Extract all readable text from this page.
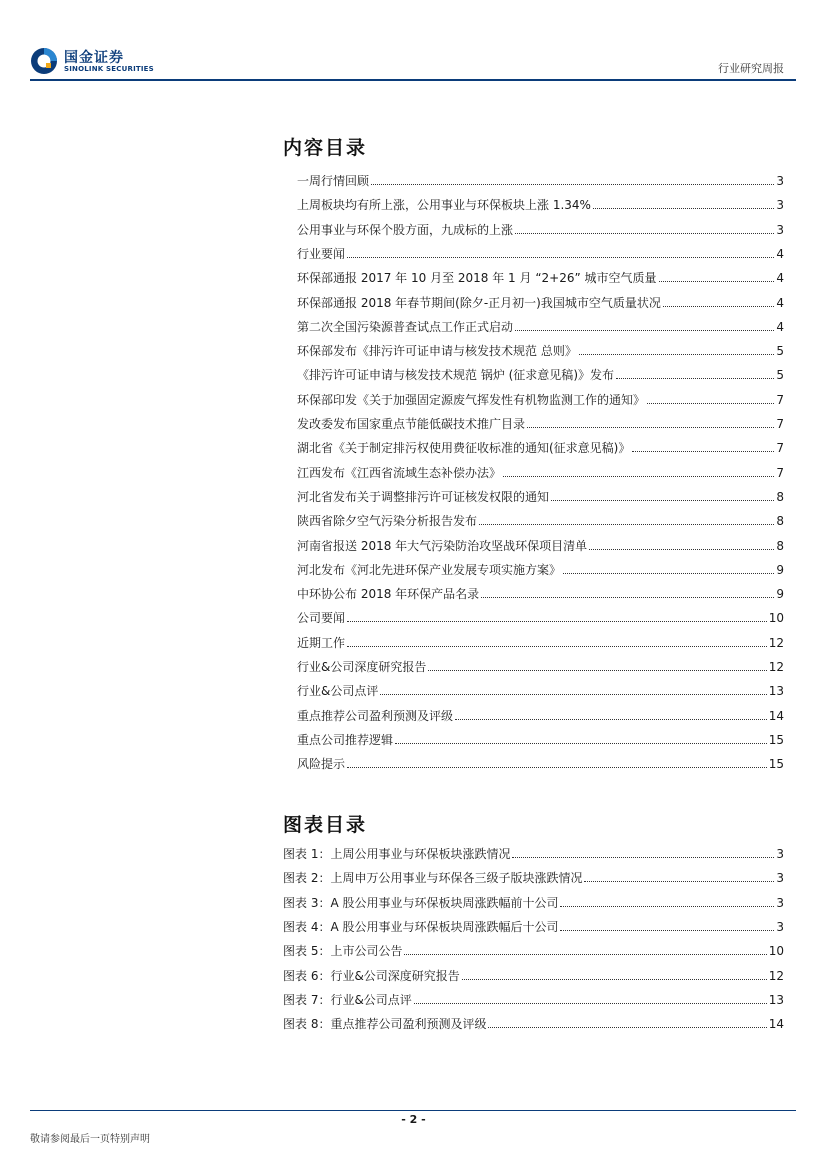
国金证券
SINOLINK SECURITIES	行业研究周报
内容目录
一周行情回顾	3
上周板块均有所上涨，公用事业与环保板块上涨 1.34%	3
公用事业与环保个股方面，九成标的上涨	3
行业要闻	4
环保部通报 2017 年 10 月至 2018 年 1 月 “2+26” 城市空气质量	4
环保部通报 2018 年春节期间(除夕-正月初一)我国城市空气质量状况	4
第二次全国污染源普查试点工作正式启动	4
环保部发布《排污许可证申请与核发技术规范 总则》	5
《排污许可证申请与核发技术规范 锅炉 (征求意见稿)》发布	5
环保部印发《关于加强固定源废气挥发性有机物监测工作的通知》	7
发改委发布国家重点节能低碳技术推广目录	7
湖北省《关于制定排污权使用费征收标准的通知(征求意见稿)》	7
江西发布《江西省流域生态补偿办法》	7
河北省发布关于调整排污许可证核发权限的通知	8
陕西省除夕空气污染分析报告发布	8
河南省报送 2018 年大气污染防治攻坚战环保项目清单	8
河北发布《河北先进环保产业发展专项实施方案》	9
中环协公布 2018 年环保产品名录	9
公司要闻	10
近期工作	12
行业&公司深度研究报告	12
行业&公司点评	13
重点推荐公司盈利预测及评级	14
重点公司推荐逻辑	15
风险提示	15
图表目录
图表 1：上周公用事业与环保板块涨跌情况	3
图表 2：上周申万公用事业与环保各三级子版块涨跌情况	3
图表 3：A 股公用事业与环保板块周涨跌幅前十公司	3
图表 4：A 股公用事业与环保板块周涨跌幅后十公司	3
图表 5：上市公司公告	10
图表 6：行业&公司深度研究报告	12
图表 7：行业&公司点评	13
图表 8：重点推荐公司盈利预测及评级	14
- 2 -
敬请参阅最后一页特别声明
